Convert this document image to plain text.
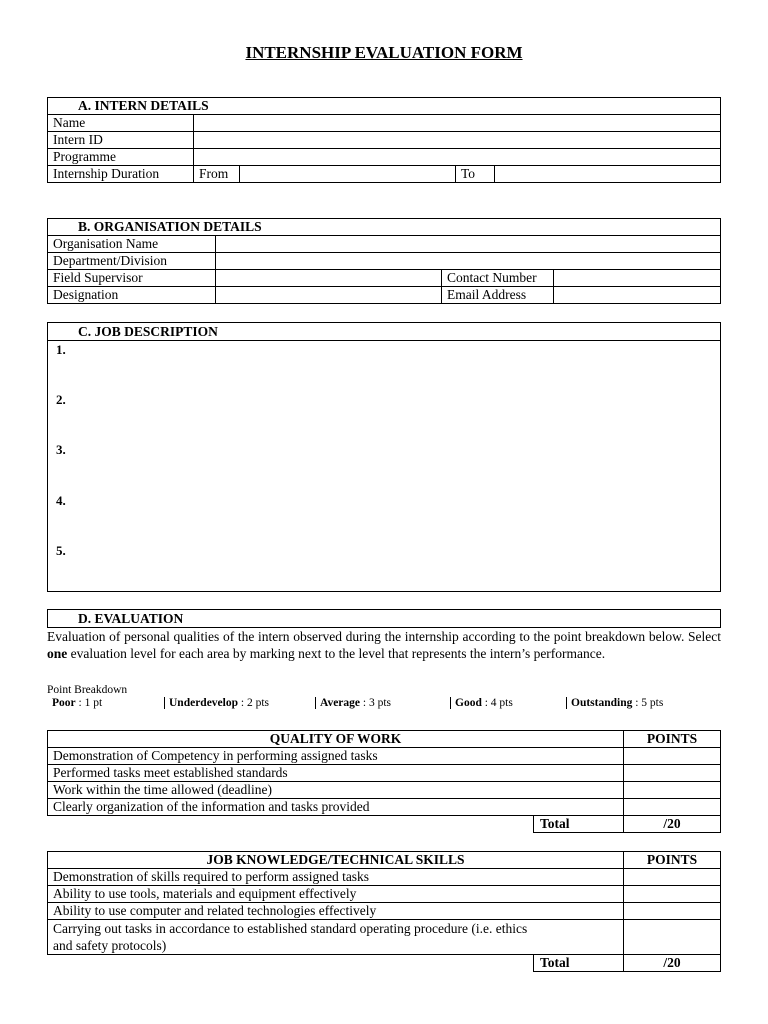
INTERNSHIP EVALUATION FORM
A. INTERN DETAILS				
Name				
Intern ID				
Programme				
Internship Duration	From		To	
B. ORGANISATION DETAILS			
Organisation Name			
Department/Division			
Field Supervisor		Contact Number	
Designation		Email Address	
C. JOB DESCRIPTION
1.
2.
3.
4.
5.
D. EVALUATION
Evaluation of personal qualities of the intern observed during the internship according to the point breakdown below. Select one evaluation level for each area by marking next to the level that represents the intern’s performance.
Point Breakdown
Poor : 1 pt	Underdevelop : 2 pts	Average : 3 pts	Good : 4 pts	Outstanding : 5 pts
QUALITY OF WORK		POINTS
Demonstration of Competency in performing assigned tasks		
Performed tasks meet established standards		
Work within the time allowed (deadline)		
Clearly organization of the information and tasks provided		
	Total	/20
JOB KNOWLEDGE/TECHNICAL SKILLS		POINTS
Demonstration of skills required to perform assigned tasks		
Ability to use tools, materials and equipment effectively		
Ability to use computer and related technologies effectively		
Carrying out tasks in accordance to established standard operating procedure (i.e. ethics
and safety protocols)		
	Total	/20
